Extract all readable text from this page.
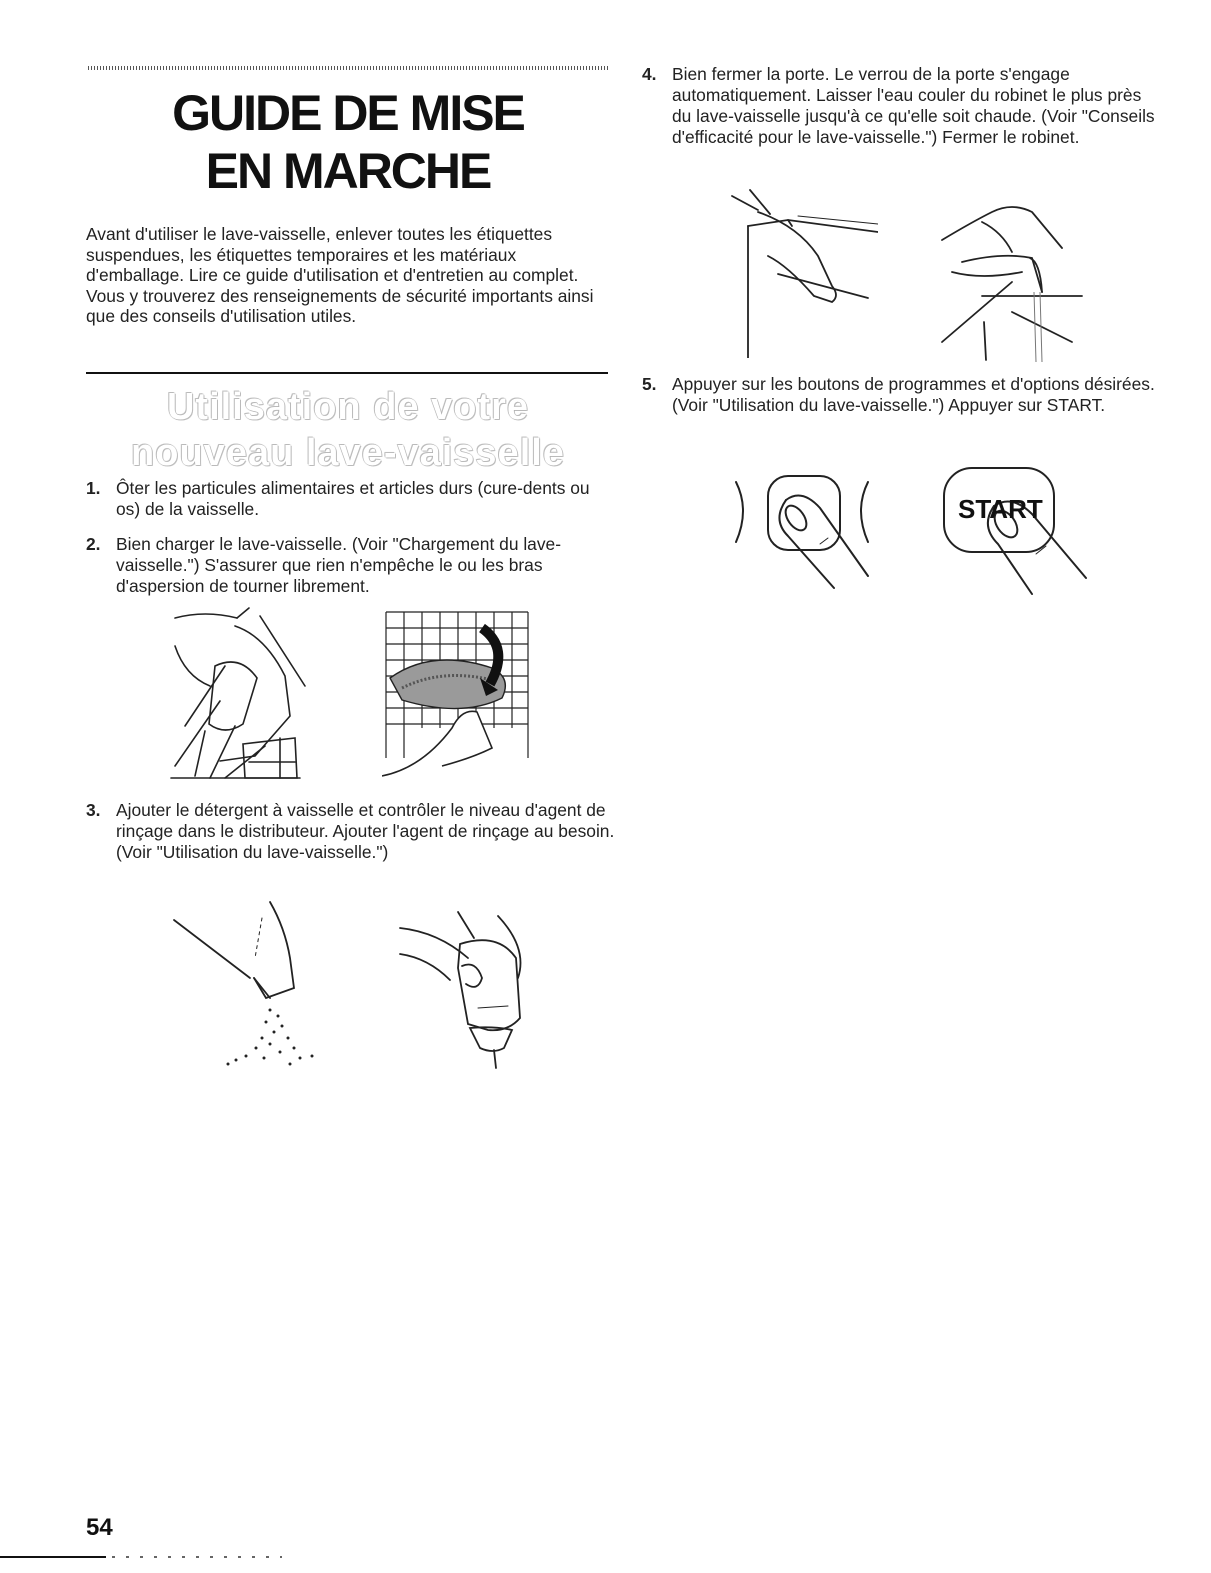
GUIDE DE MISE
EN MARCHE
Avant d'utiliser le lave-vaisselle, enlever toutes les étiquettes suspendues, les étiquettes temporaires et les matériaux d'emballage. Lire ce guide d'utilisation et d'entretien au complet. Vous y trouverez des renseignements de sécurité importants ainsi que des conseils d'utilisation utiles.
Utilisation de votre
nouveau lave-vaisselle
1. Ôter les particules alimentaires et articles durs (cure-dents ou os) de la vaisselle.
2. Bien charger le lave-vaisselle. (Voir "Chargement du lave-vaisselle.") S'assurer que rien n'empêche le ou les bras d'aspersion de tourner librement.
3. Ajouter le détergent à vaisselle et contrôler le niveau d'agent de rinçage dans le distributeur. Ajouter l'agent de rinçage au besoin. (Voir "Utilisation du lave-vaisselle.")
4. Bien fermer la porte. Le verrou de la porte s'engage automatiquement. Laisser l'eau couler du robinet le plus près du lave-vaisselle jusqu'à ce qu'elle soit chaude. (Voir "Conseils d'efficacité pour le lave-vaisselle.") Fermer le robinet.
5. Appuyer sur les boutons de programmes et d'options désirées. (Voir "Utilisation du lave-vaisselle.") Appuyer sur START.
START
54
